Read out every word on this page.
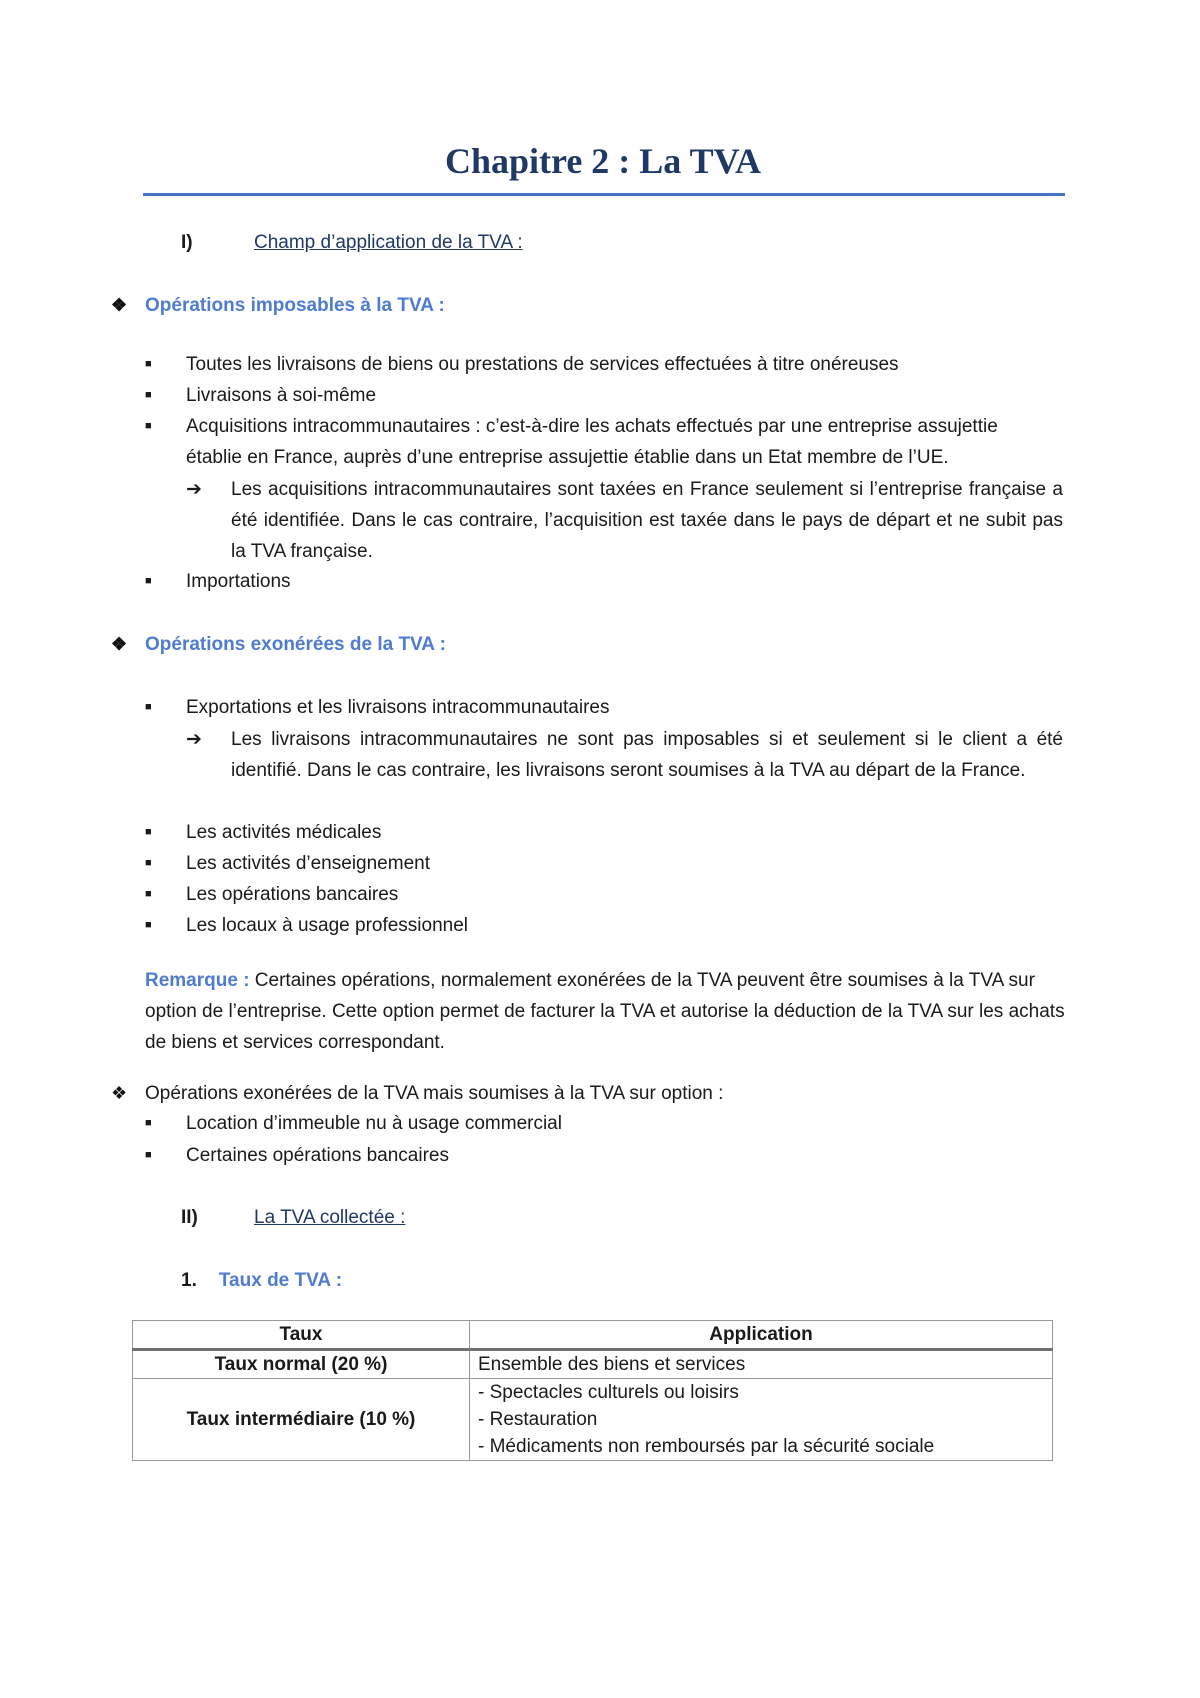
Chapitre 2 : La TVA
I)	Champ d’application de la TVA :
❖ Opérations imposables à la TVA :
■ Toutes les livraisons de biens ou prestations de services effectuées à titre onéreuses
■ Livraisons à soi-même
■ Acquisitions intracommunautaires : c’est-à-dire les achats effectués par une entreprise assujettie
établie en France, auprès d’une entreprise assujettie établie dans un Etat membre de l’UE.
➔ Les acquisitions intracommunautaires sont taxées en France seulement si l’entreprise française a été identifiée. Dans le cas contraire, l’acquisition est taxée dans le pays de départ et ne subit pas la TVA française.
■ Importations
❖ Opérations exonérées de la TVA :
■ Exportations et les livraisons intracommunautaires
➔ Les livraisons intracommunautaires ne sont pas imposables si et seulement si le client a été identifié. Dans le cas contraire, les livraisons seront soumises à la TVA au départ de la France.
■ Les activités médicales
■ Les activités d’enseignement
■ Les opérations bancaires
■ Les locaux à usage professionnel
Remarque : Certaines opérations, normalement exonérées de la TVA peuvent être soumises à la TVA sur option de l’entreprise. Cette option permet de facturer la TVA et autorise la déduction de la TVA sur les achats de biens et services correspondant.
❖ Opérations exonérées de la TVA mais soumises à la TVA sur option :
■ Location d’immeuble nu à usage commercial
■ Certaines opérations bancaires
II)	La TVA collectée :
1. Taux de TVA :
Taux	Application
Taux normal (20 %)	Ensemble des biens et services
Taux intermédiaire (10 %)	- Spectacles culturels ou loisirs
- Restauration
- Médicaments non remboursés par la sécurité sociale
